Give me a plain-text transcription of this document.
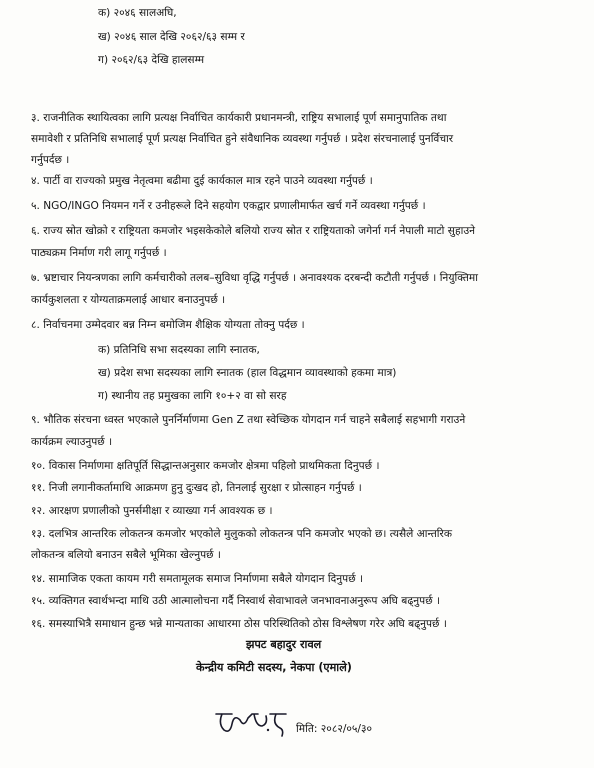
क) २०४६ सालअघि,
ख) २०४६ साल देखि २०६२/६३ सम्म र
ग) २०६२/६३ देखि हालसम्म
३. राजनीतिक स्थायित्वका लागि प्रत्यक्ष निर्वाचित कार्यकारी प्रधानमन्त्री, राष्ट्रिय सभालाई पूर्ण समानुपातिक तथा
समावेशी र प्रतिनिधि सभालाई पूर्ण प्रत्यक्ष निर्वाचित हुने संवैधानिक व्यवस्था गर्नुपर्छ । प्रदेश संरचनालाई पुनर्विचार
गर्नुपर्दछ ।
४. पार्टी वा राज्यको प्रमुख नेतृत्वमा बढीमा दुई कार्यकाल मात्र रहने पाउने व्यवस्था गर्नुपर्छ ।
५. NGO/INGO नियमन गर्ने र उनीहरूले दिने सहयोग एकद्वार प्रणालीमार्फत खर्च गर्ने व्यवस्था गर्नुपर्छ ।
६. राज्य स्रोत खोक्रो र राष्ट्रियता कमजोर भइसकेकोले बलियो राज्य स्रोत र राष्ट्रियताको जगेर्ना गर्न नेपाली माटो सुहाउने
पाठ्यक्रम निर्माण गरी लागू गर्नुपर्छ ।
७. भ्रष्टाचार नियन्त्रणका लागि कर्मचारीको तलब–सुविधा वृद्धि गर्नुपर्छ । अनावश्यक दरबन्दी कटौती गर्नुपर्छ । नियुक्तिमा
कार्यकुशलता र योग्यताक्रमलाई आधार बनाउनुपर्छ ।
८. निर्वाचनमा उम्मेदवार बन्न निम्न बमोजिम शैक्षिक योग्यता तोक्नु पर्दछ ।
क) प्रतिनिधि सभा सदस्यका लागि स्नातक,
ख) प्रदेश सभा सदस्यका लागि स्नातक (हाल विद्धमान व्यावस्थाको हकमा मात्र)
ग) स्थानीय तह प्रमुखका लागि १०+२ वा सो सरह
९. भौतिक संरचना ध्वस्त भएकाले पुनर्निर्माणमा Gen Z तथा स्वेच्छिक योगदान गर्न चाहने सबैलाई सहभागी गराउने
कार्यक्रम ल्याउनुपर्छ ।
१०. विकास निर्माणमा क्षतिपूर्ति सिद्धान्तअनुसार कमजोर क्षेत्रमा पहिलो प्राथमिकता दिनुपर्छ ।
११. निजी लगानीकर्तामाथि आक्रमण हुनु दुःखद हो, तिनलाई सुरक्षा र प्रोत्साहन गर्नुपर्छ ।
१२. आरक्षण प्रणालीको पुनर्समीक्षा र व्याख्या गर्न आवश्यक छ ।
१३. दलभित्र आन्तरिक लोकतन्त्र कमजोर भएकोले मुलुकको लोकतन्त्र पनि कमजोर भएको छ। त्यसैले आन्तरिक
लोकतन्त्र बलियो बनाउन सबैले भूमिका खेल्नुपर्छ ।
१४. सामाजिक एकता कायम गरी समतामूलक समाज निर्माणमा सबैले योगदान दिनुपर्छ ।
१५. व्यक्तिगत स्वार्थभन्दा माथि उठी आत्मालोचना गर्दै निस्वार्थ सेवाभावले जनभावनाअनुरूप अघि बढ्नुपर्छ ।
१६. समस्याभित्रै समाधान हुन्छ भन्ने मान्यताका आधारमा ठोस परिस्थितिको ठोस विश्लेषण गरेर अघि बढ्नुपर्छ ।
झपट बहादुर रावल
केन्द्रीय कमिटी सदस्य, नेकपा (एमाले)
मिति: २०८२/०५/३०
